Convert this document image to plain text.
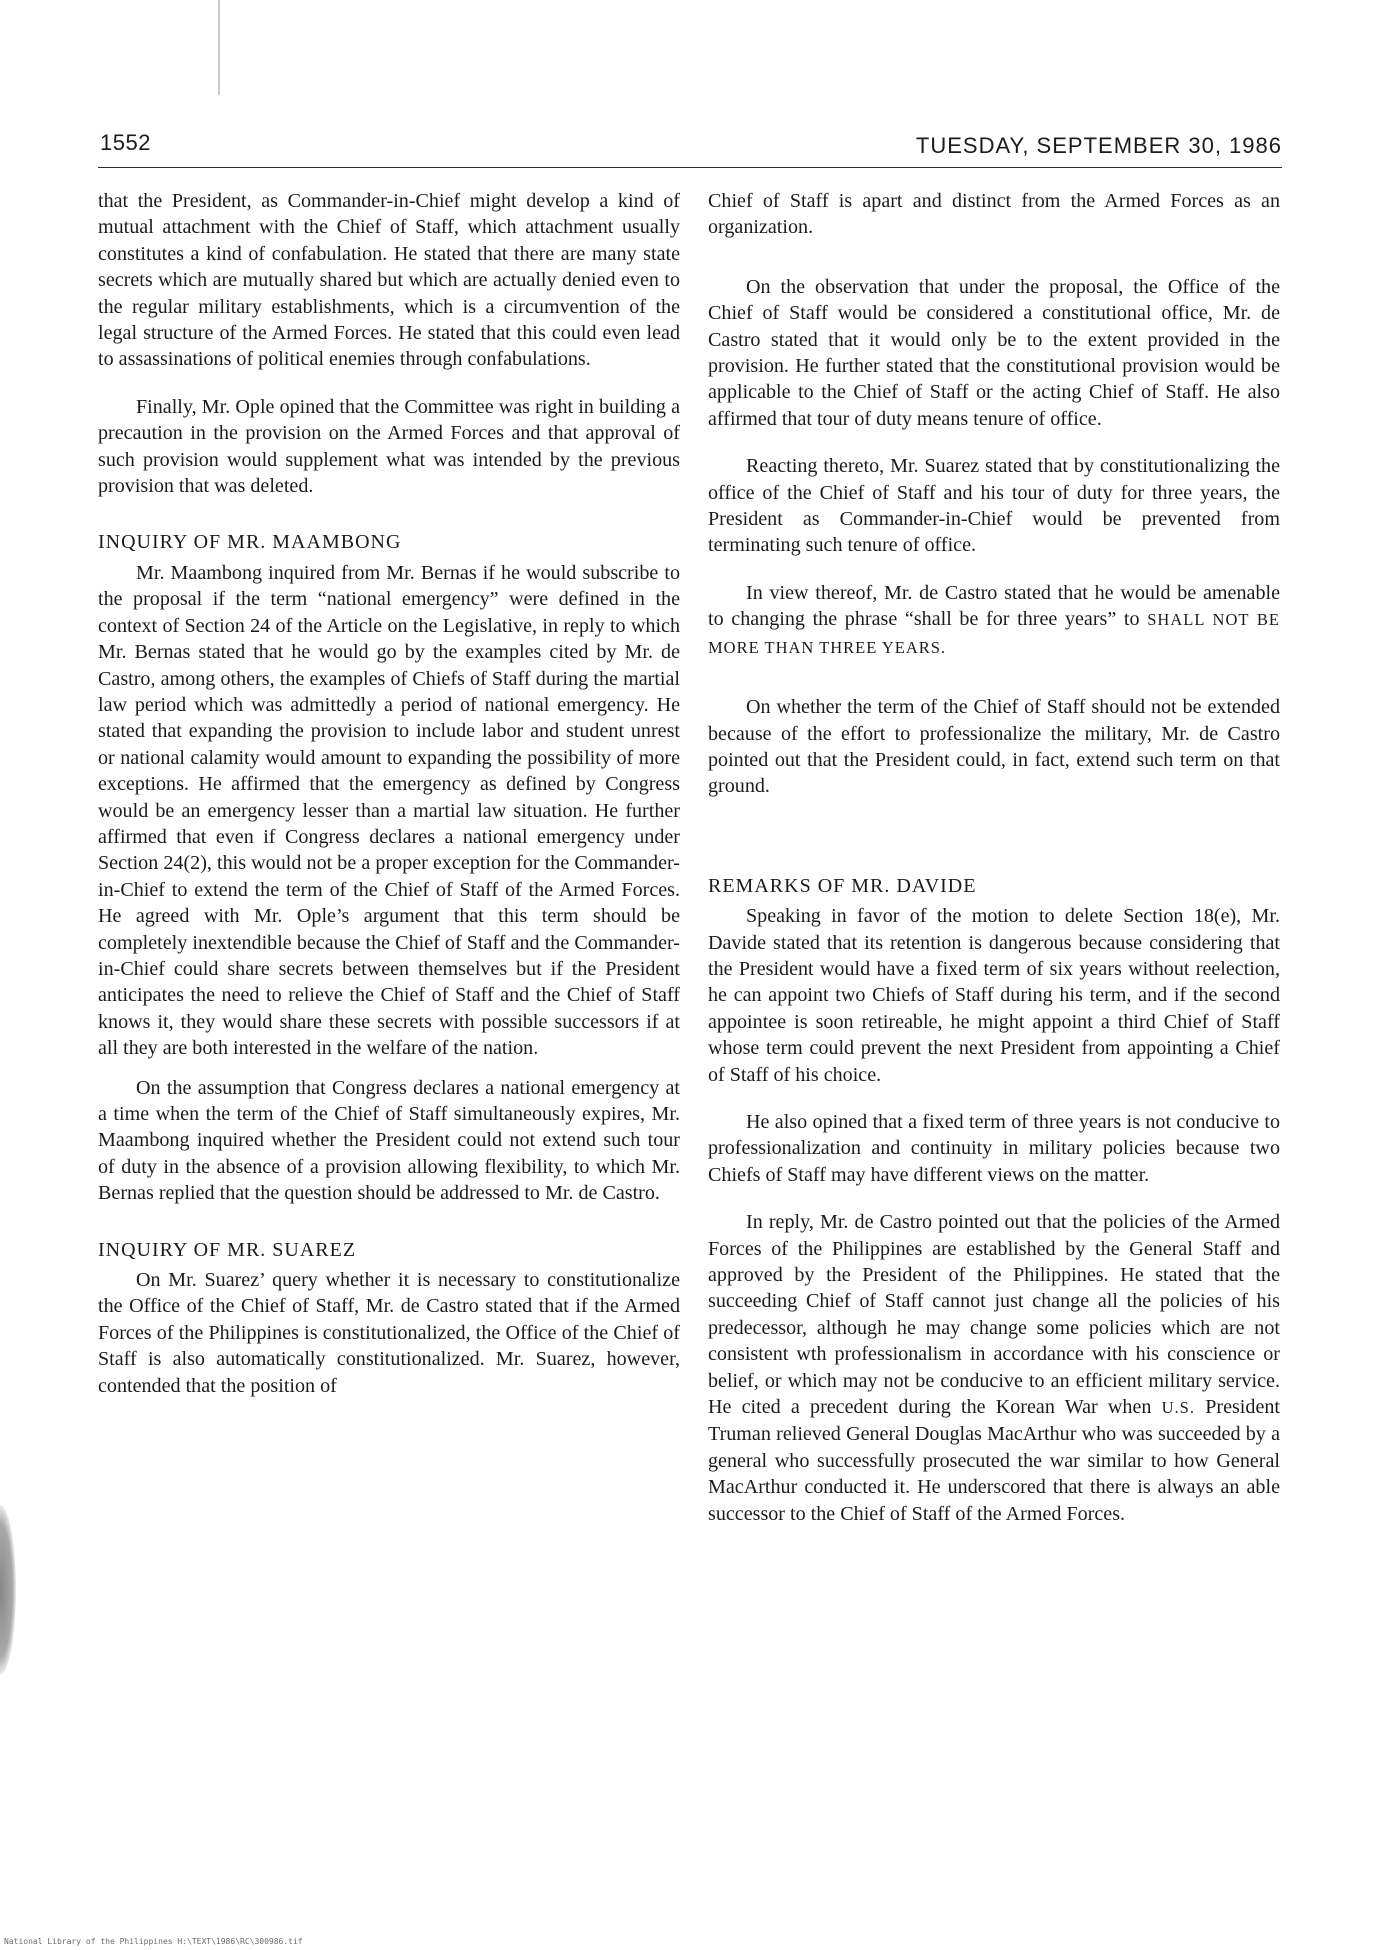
1552	TUESDAY, SEPTEMBER 30, 1986

that the President, as Commander-in-Chief might develop a kind of mutual attachment with the Chief of Staff, which attachment usually constitutes a kind of confabulation. He stated that there are many state secrets which are mutually shared but which are actually denied even to the regular military establishments, which is a circumvention of the legal structure of the Armed Forces. He stated that this could even lead to assassinations of political enemies through confabulations.

Finally, Mr. Ople opined that the Committee was right in building a precaution in the provision on the Armed Forces and that approval of such provision would supplement what was intended by the previous provision that was deleted.

INQUIRY OF MR. MAAMBONG

Mr. Maambong inquired from Mr. Bernas if he would subscribe to the proposal if the term “national emergency” were defined in the context of Section 24 of the Article on the Legislative, in reply to which Mr. Bernas stated that he would go by the examples cited by Mr. de Castro, among others, the examples of Chiefs of Staff during the martial law period which was admittedly a period of national emergency. He stated that expanding the provision to include labor and student unrest or national calamity would amount to expanding the possibility of more exceptions. He affirmed that the emergency as defined by Congress would be an emergency lesser than a martial law situation. He further affirmed that even if Congress declares a national emergency under Section 24(2), this would not be a proper exception for the Commander-in-Chief to extend the term of the Chief of Staff of the Armed Forces. He agreed with Mr. Ople’s argument that this term should be completely inextendible because the Chief of Staff and the Commander-in-Chief could share secrets between themselves but if the President anticipates the need to relieve the Chief of Staff and the Chief of Staff knows it, they would share these secrets with possible successors if at all they are both interested in the welfare of the nation.

On the assumption that Congress declares a national emergency at a time when the term of the Chief of Staff simultaneously expires, Mr. Maambong inquired whether the President could not extend such tour of duty in the absence of a provision allowing flexibility, to which Mr. Bernas replied that the question should be addressed to Mr. de Castro.

INQUIRY OF MR. SUAREZ

On Mr. Suarez’ query whether it is necessary to constitutionalize the Office of the Chief of Staff, Mr. de Castro stated that if the Armed Forces of the Philippines is constitutionalized, the Office of the Chief of Staff is also automatically constitutionalized. Mr. Suarez, however, contended that the position of

Chief of Staff is apart and distinct from the Armed Forces as an organization.

On the observation that under the proposal, the Office of the Chief of Staff would be considered a constitutional office, Mr. de Castro stated that it would only be to the extent provided in the provision. He further stated that the constitutional provision would be applicable to the Chief of Staff or the acting Chief of Staff. He also affirmed that tour of duty means tenure of office.

Reacting thereto, Mr. Suarez stated that by constitutionalizing the office of the Chief of Staff and his tour of duty for three years, the President as Commander-in-Chief would be prevented from terminating such tenure of office.

In view thereof, Mr. de Castro stated that he would be amenable to changing the phrase “shall be for three years” to SHALL NOT BE MORE THAN THREE YEARS.

On whether the term of the Chief of Staff should not be extended because of the effort to professionalize the military, Mr. de Castro pointed out that the President could, in fact, extend such term on that ground.

REMARKS OF MR. DAVIDE

Speaking in favor of the motion to delete Section 18(e), Mr. Davide stated that its retention is dangerous because considering that the President would have a fixed term of six years without reelection, he can appoint two Chiefs of Staff during his term, and if the second appointee is soon retireable, he might appoint a third Chief of Staff whose term could prevent the next President from appointing a Chief of Staff of his choice.

He also opined that a fixed term of three years is not conducive to professionalization and continuity in military policies because two Chiefs of Staff may have different views on the matter.

In reply, Mr. de Castro pointed out that the policies of the Armed Forces of the Philippines are established by the General Staff and approved by the President of the Philippines. He stated that the succeeding Chief of Staff cannot just change all the policies of his predecessor, although he may change some policies which are not consistent wth professionalism in accordance with his conscience or belief, or which may not be conducive to an efficient military service. He cited a precedent during the Korean War when U.S. President Truman relieved General Douglas MacArthur who was succeeded by a general who successfully prosecuted the war similar to how General MacArthur conducted it. He underscored that there is always an able successor to the Chief of Staff of the Armed Forces.

National Library of the Philippines H:\TEXT\1986\RC\300986.tif
